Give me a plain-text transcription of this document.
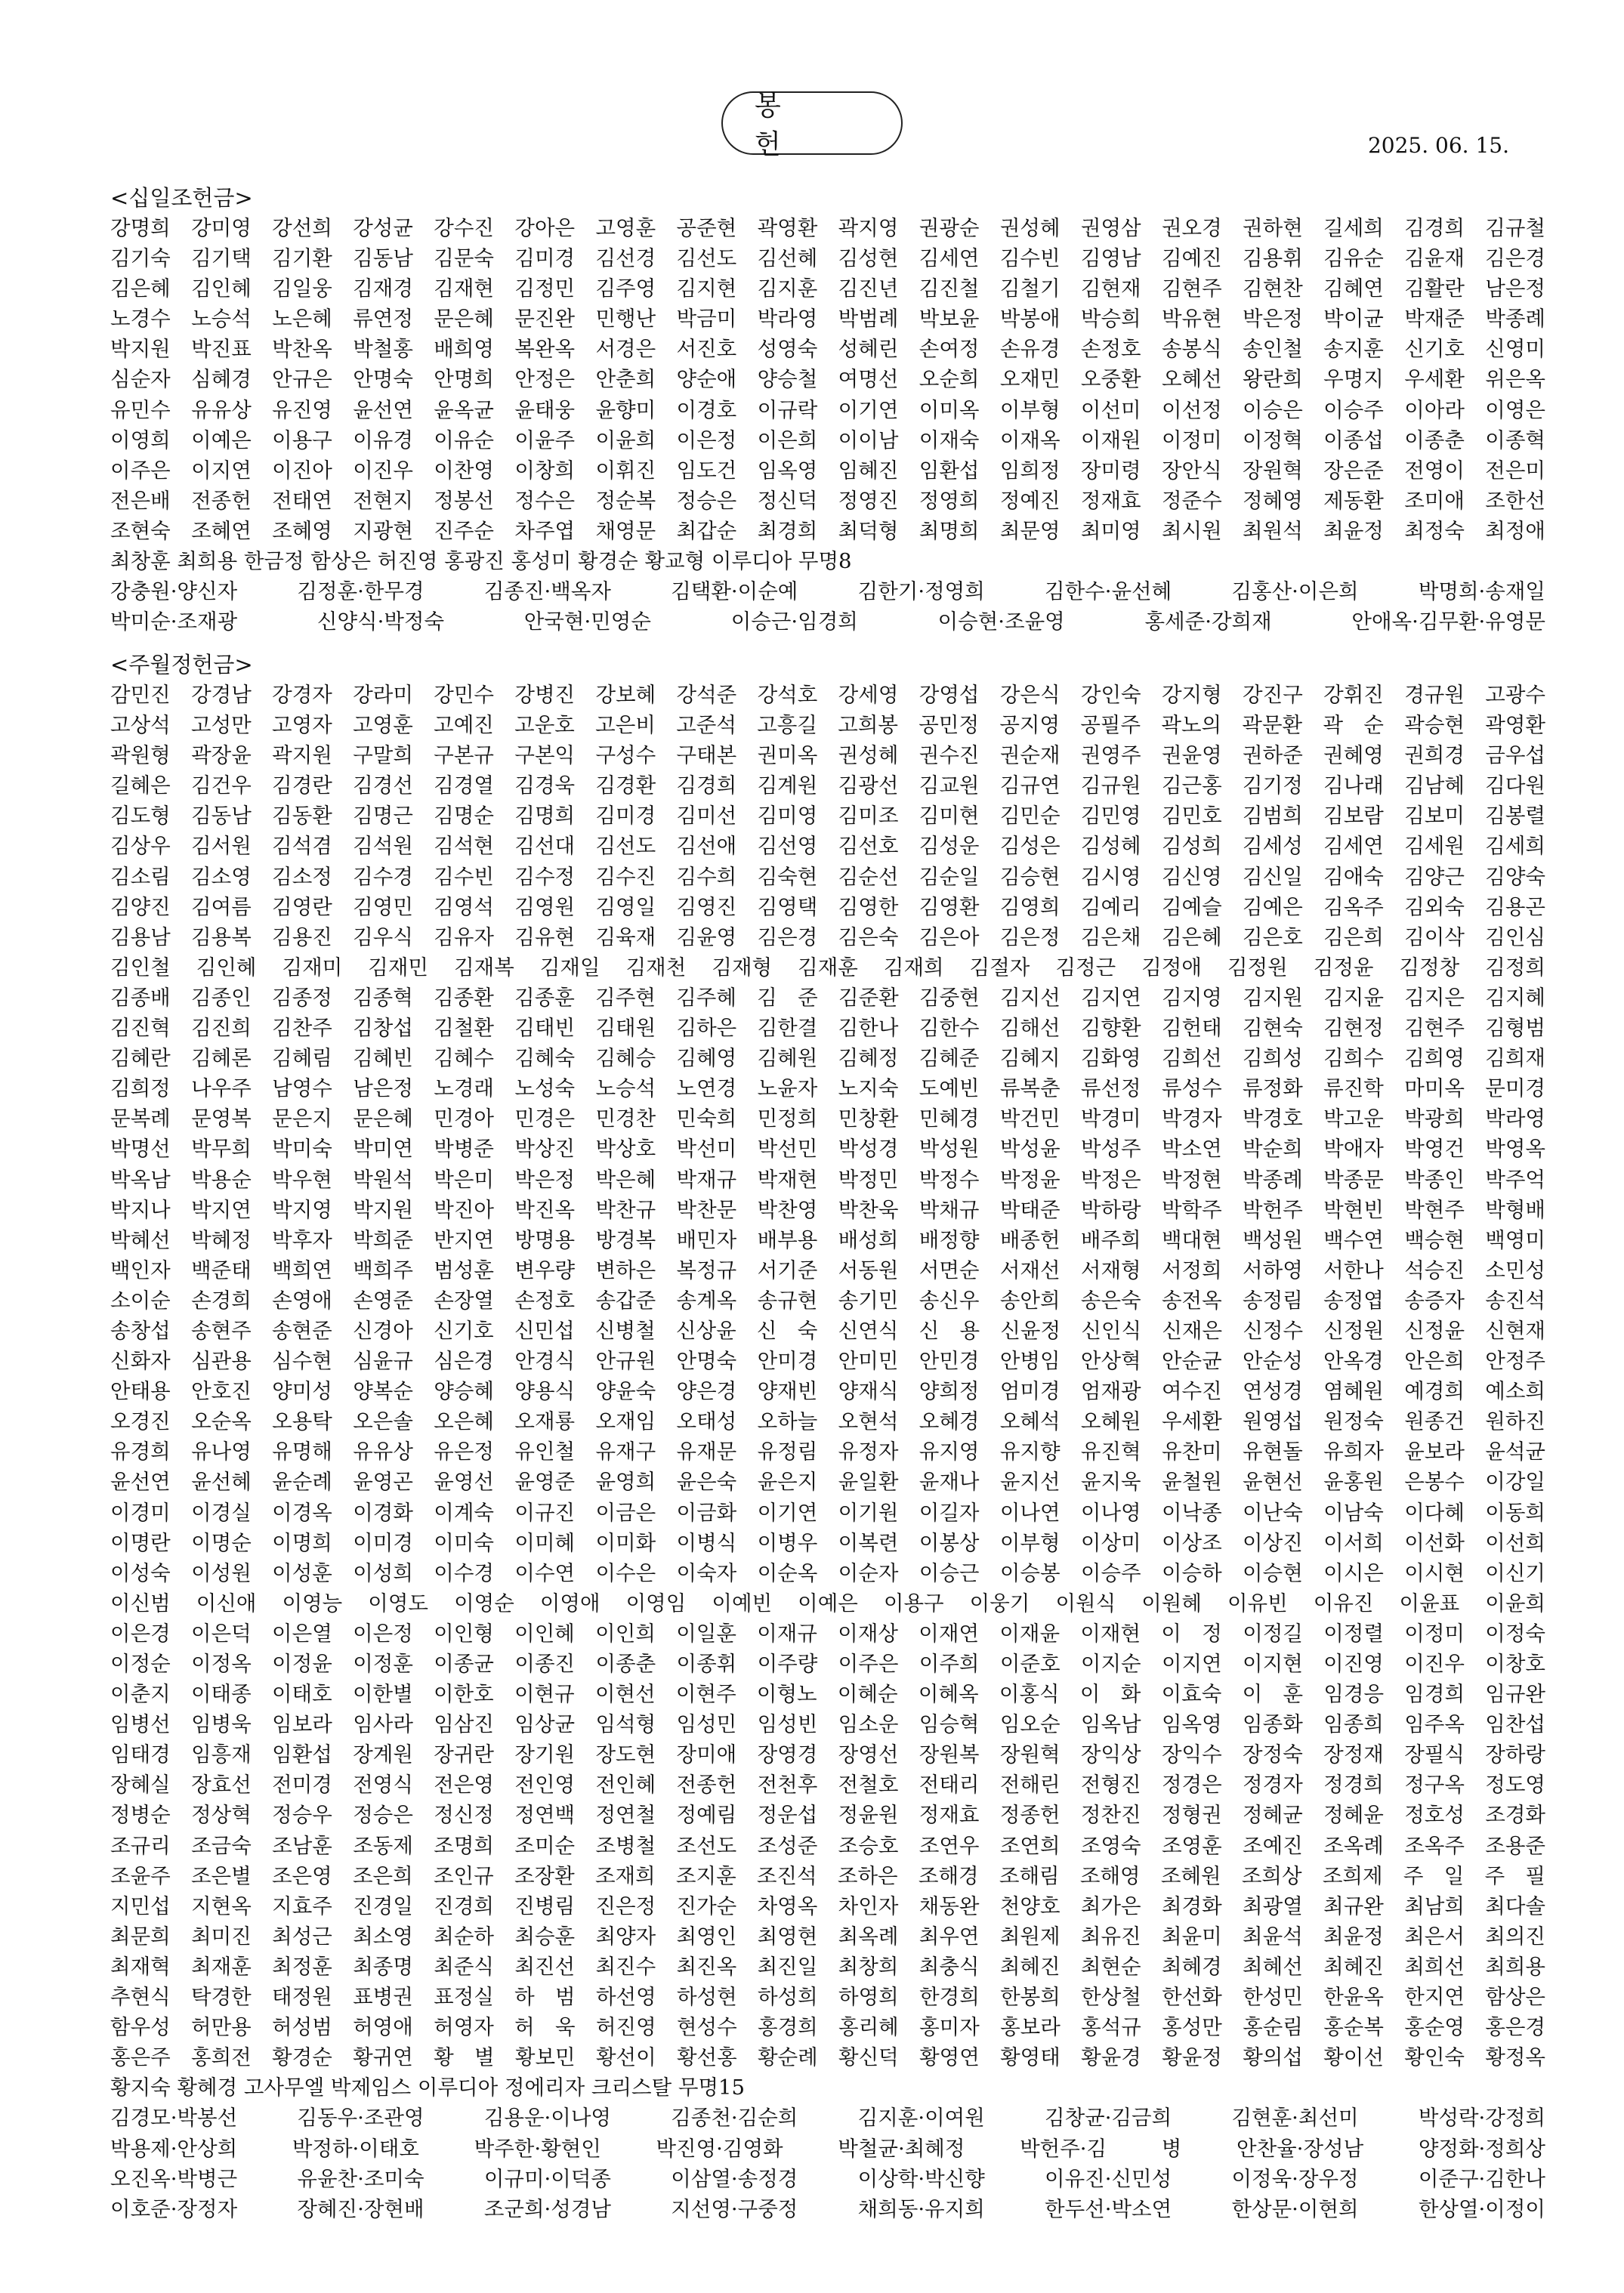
봉 헌	2025. 06. 15.
<십일조헌금>
강명희 강미영 강선희 강성균 강수진 강아은 고영훈 공준현 곽영환 곽지영 권광순 권성혜 권영삼 권오경 권하현 길세희 김경희 김규철
김기숙 김기택 김기환 김동남 김문숙 김미경 김선경 김선도 김선혜 김성현 김세연 김수빈 김영남 김예진 김용휘 김유순 김윤재 김은경
김은혜 김인혜 김일웅 김재경 김재현 김정민 김주영 김지현 김지훈 김진년 김진철 김철기 김현재 김현주 김현찬 김혜연 김활란 남은정
노경수 노승석 노은혜 류연정 문은혜 문진완 민행난 박금미 박라영 박범례 박보윤 박봉애 박승희 박유현 박은정 박이균 박재준 박종례
박지원 박진표 박찬옥 박철홍 배희영 복완옥 서경은 서진호 성영숙 성혜린 손여정 손유경 손정호 송봉식 송인철 송지훈 신기호 신영미
심순자 심혜경 안규은 안명숙 안명희 안정은 안춘희 양순애 양승철 여명선 오순희 오재민 오중환 오혜선 왕란희 우명지 우세환 위은옥
유민수 유유상 유진영 윤선연 윤옥균 윤태웅 윤향미 이경호 이규락 이기연 이미옥 이부형 이선미 이선정 이승은 이승주 이아라 이영은
이영희 이예은 이용구 이유경 이유순 이윤주 이윤희 이은정 이은희 이이남 이재숙 이재옥 이재원 이정미 이정혁 이종섭 이종춘 이종혁
이주은 이지연 이진아 이진우 이찬영 이창희 이휘진 임도건 임옥영 임혜진 임환섭 임희정 장미령 장안식 장원혁 장은준 전영이 전은미
전은배 전종헌 전태연 전현지 정봉선 정수은 정순복 정승은 정신덕 정영진 정영희 정예진 정재효 정준수 정혜영 제동환 조미애 조한선
조현숙 조혜연 조혜영 지광현 진주순 차주엽 채영문 최갑순 최경희 최덕형 최명희 최문영 최미영 최시원 최원석 최윤정 최정숙 최정애
최창훈 최희용 한금정 함상은 허진영 홍광진 홍성미 황경순 황교형 이루디아 무명8
강충원·양신자 김정훈·한무경 김종진·백옥자 김택환·이순예 김한기·정영희 김한수·윤선혜 김홍산·이은희 박명희·송재일
박미순·조재광 신양식·박정숙 안국현·민영순 이승근·임경희 이승현·조윤영 홍세준·강희재 안애옥·김무환·유영문
<주월정헌금>
감민진 강경남 강경자 강라미 강민수 강병진 강보혜 강석준 강석호 강세영 강영섭 강은식 강인숙 강지형 강진구 강휘진 경규원 고광수
고상석 고성만 고영자 고영훈 고예진 고운호 고은비 고준석 고흥길 고희봉 공민정 공지영 공필주 곽노의 곽문환 곽 순 곽승현 곽영환
곽원형 곽장윤 곽지원 구말희 구본규 구본익 구성수 구태본 권미옥 권성혜 권수진 권순재 권영주 권윤영 권하준 권혜영 권희경 금우섭
길혜은 김건우 김경란 김경선 김경열 김경욱 김경환 김경희 김계원 김광선 김교원 김규연 김규원 김근홍 김기정 김나래 김남혜 김다원
김도형 김동남 김동환 김명근 김명순 김명희 김미경 김미선 김미영 김미조 김미현 김민순 김민영 김민호 김범희 김보람 김보미 김봉렬
김상우 김서원 김석겸 김석원 김석현 김선대 김선도 김선애 김선영 김선호 김성운 김성은 김성혜 김성희 김세성 김세연 김세원 김세희
김소림 김소영 김소정 김수경 김수빈 김수정 김수진 김수희 김숙현 김순선 김순일 김승현 김시영 김신영 김신일 김애숙 김양근 김양숙
김양진 김여름 김영란 김영민 김영석 김영원 김영일 김영진 김영택 김영한 김영환 김영희 김예리 김예슬 김예은 김옥주 김외숙 김용곤
김용남 김용복 김용진 김우식 김유자 김유현 김육재 김윤영 김은경 김은숙 김은아 김은정 김은채 김은혜 김은호 김은희 김이삭 김인심
김인철 김인혜 김재미 김재민 김재복 김재일 김재천 김재형 김재훈 김재희 김절자 김정근 김정애 김정원 김정윤 김정창 김정희
김종배 김종인 김종정 김종혁 김종환 김종훈 김주현 김주혜 김 준 김준환 김중현 김지선 김지연 김지영 김지원 김지윤 김지은 김지혜
김진혁 김진희 김찬주 김창섭 김철환 김태빈 김태원 김하은 김한결 김한나 김한수 김해선 김향환 김헌태 김현숙 김현정 김현주 김형범
김혜란 김혜론 김혜림 김혜빈 김혜수 김혜숙 김혜승 김혜영 김혜원 김혜정 김혜준 김혜지 김화영 김희선 김희성 김희수 김희영 김희재
김희정 나우주 남영수 남은정 노경래 노성숙 노승석 노연경 노윤자 노지숙 도예빈 류복춘 류선정 류성수 류정화 류진학 마미옥 문미경
문복례 문영복 문은지 문은혜 민경아 민경은 민경찬 민숙희 민정희 민창환 민혜경 박건민 박경미 박경자 박경호 박고운 박광희 박라영
박명선 박무희 박미숙 박미연 박병준 박상진 박상호 박선미 박선민 박성경 박성원 박성윤 박성주 박소연 박순희 박애자 박영건 박영옥
박옥남 박용순 박우현 박원석 박은미 박은정 박은혜 박재규 박재현 박정민 박정수 박정윤 박정은 박정현 박종례 박종문 박종인 박주억
박지나 박지연 박지영 박지원 박진아 박진옥 박찬규 박찬문 박찬영 박찬욱 박채규 박태준 박하랑 박학주 박헌주 박현빈 박현주 박형배
박혜선 박혜정 박후자 박희준 반지연 방명용 방경복 배민자 배부용 배성희 배정향 배종헌 배주희 백대현 백성원 백수연 백승현 백영미
백인자 백준태 백희연 백희주 범성훈 변우량 변하은 복정규 서기준 서동원 서면순 서재선 서재형 서정희 서하영 서한나 석승진 소민성
소이순 손경희 손영애 손영준 손장열 손정호 송갑준 송계옥 송규현 송기민 송신우 송안희 송은숙 송전옥 송정림 송정엽 송증자 송진석
송창섭 송현주 송현준 신경아 신기호 신민섭 신병철 신상윤 신 숙 신연식 신 용 신윤정 신인식 신재은 신정수 신정원 신정윤 신현재
신화자 심관용 심수현 심윤규 심은경 안경식 안규원 안명숙 안미경 안미민 안민경 안병임 안상혁 안순균 안순성 안옥경 안은희 안정주
안태용 안호진 양미성 양복순 양승혜 양용식 양윤숙 양은경 양재빈 양재식 양희정 엄미경 엄재광 여수진 연성경 염혜원 예경희 예소희
오경진 오순옥 오용탁 오은솔 오은혜 오재룡 오재임 오태성 오하늘 오현석 오혜경 오혜석 오혜원 우세환 원영섭 원정숙 원종건 원하진
유경희 유나영 유명해 유유상 유은정 유인철 유재구 유재문 유정림 유정자 유지영 유지향 유진혁 유찬미 유현돌 유희자 윤보라 윤석균
윤선연 윤선혜 윤순례 윤영곤 윤영선 윤영준 윤영희 윤은숙 윤은지 윤일환 윤재나 윤지선 윤지욱 윤철원 윤현선 윤홍원 은봉수 이강일
이경미 이경실 이경옥 이경화 이계숙 이규진 이금은 이금화 이기연 이기원 이길자 이나연 이나영 이낙종 이난숙 이남숙 이다혜 이동희
이명란 이명순 이명희 이미경 이미숙 이미혜 이미화 이병식 이병우 이복련 이봉상 이부형 이상미 이상조 이상진 이서희 이선화 이선희
이성숙 이성원 이성훈 이성희 이수경 이수연 이수은 이숙자 이순옥 이순자 이승근 이승봉 이승주 이승하 이승현 이시은 이시현 이신기
이신범 이신애 이영능 이영도 이영순 이영애 이영임 이예빈 이예은 이용구 이웅기 이원식 이원혜 이유빈 이유진 이윤표 이윤희
이은경 이은덕 이은열 이은정 이인형 이인혜 이인희 이일훈 이재규 이재상 이재연 이재윤 이재현 이 정 이정길 이정렬 이정미 이정숙
이정순 이정옥 이정윤 이정훈 이종균 이종진 이종춘 이종휘 이주량 이주은 이주희 이준호 이지순 이지연 이지현 이진영 이진우 이창호
이춘지 이태종 이태호 이한별 이한호 이현규 이현선 이현주 이형노 이혜순 이혜옥 이홍식 이 화 이효숙 이 훈 임경응 임경희 임규완
임병선 임병욱 임보라 임사라 임삼진 임상균 임석형 임성민 임성빈 임소운 임승혁 임오순 임옥남 임옥영 임종화 임종희 임주옥 임찬섭
임태경 임흥재 임환섭 장계원 장귀란 장기원 장도현 장미애 장영경 장영선 장원복 장원혁 장익상 장익수 장정숙 장정재 장필식 장하랑
장혜실 장효선 전미경 전영식 전은영 전인영 전인혜 전종헌 전천후 전철호 전태리 전해린 전형진 정경은 정경자 정경희 정구옥 정도영
정병순 정상혁 정승우 정승은 정신정 정연백 정연철 정예림 정운섭 정윤원 정재효 정종헌 정찬진 정형권 정혜균 정혜윤 정호성 조경화
조규리 조금숙 조남훈 조동제 조명희 조미순 조병철 조선도 조성준 조승호 조연우 조연희 조영숙 조영훈 조예진 조옥례 조옥주 조용준
조윤주 조은별 조은영 조은희 조인규 조장환 조재희 조지훈 조진석 조하은 조해경 조해림 조해영 조혜원 조희상 조희제 주 일 주 필
지민섭 지현옥 지효주 진경일 진경희 진병림 진은정 진가순 차영옥 차인자 채동완 천양호 최가은 최경화 최광열 최규완 최남희 최다솔
최문희 최미진 최성근 최소영 최순하 최승훈 최양자 최영인 최영현 최옥례 최우연 최원제 최유진 최윤미 최윤석 최윤정 최은서 최의진
최재혁 최재훈 최정훈 최종명 최준식 최진선 최진수 최진옥 최진일 최창희 최충식 최혜진 최현순 최혜경 최혜선 최혜진 최희선 최희용
추현식 탁경한 태정원 표병권 표정실 하 범 하선영 하성현 하성희 하영희 한경희 한봉희 한상철 한선화 한성민 한윤옥 한지연 함상은
함우성 허만용 허성범 허영애 허영자 허 욱 허진영 현성수 홍경희 홍리혜 홍미자 홍보라 홍석규 홍성만 홍순림 홍순복 홍순영 홍은경
홍은주 홍희전 황경순 황귀연 황 별 황보민 황선이 황선홍 황순례 황신덕 황영연 황영태 황윤경 황윤정 황의섭 황이선 황인숙 황정옥
황지숙 황혜경 고사무엘 박제임스 이루디아 정에리자 크리스탈 무명15
김경모·박봉선 김동우·조관영 김용운·이나영 김종천·김순희 김지훈·이여원 김창균·김금희 김현훈·최선미 박성락·강정희
박용제·안상희 박정하·이태호 박주한·황현인 박진영·김영화 박철균·최혜정 박헌주·김 병 안찬율·장성남 양정화·정희상
오진옥·박병근 유윤찬·조미숙 이규미·이덕종 이삼열·송정경 이상학·박신향 이유진·신민성 이정욱·장우정 이준구·김한나
이호준·장정자 장혜진·장현배 조군희·성경남 지선영·구중정 채희동·유지희 한두선·박소연 한상문·이현희 한상열·이정이
